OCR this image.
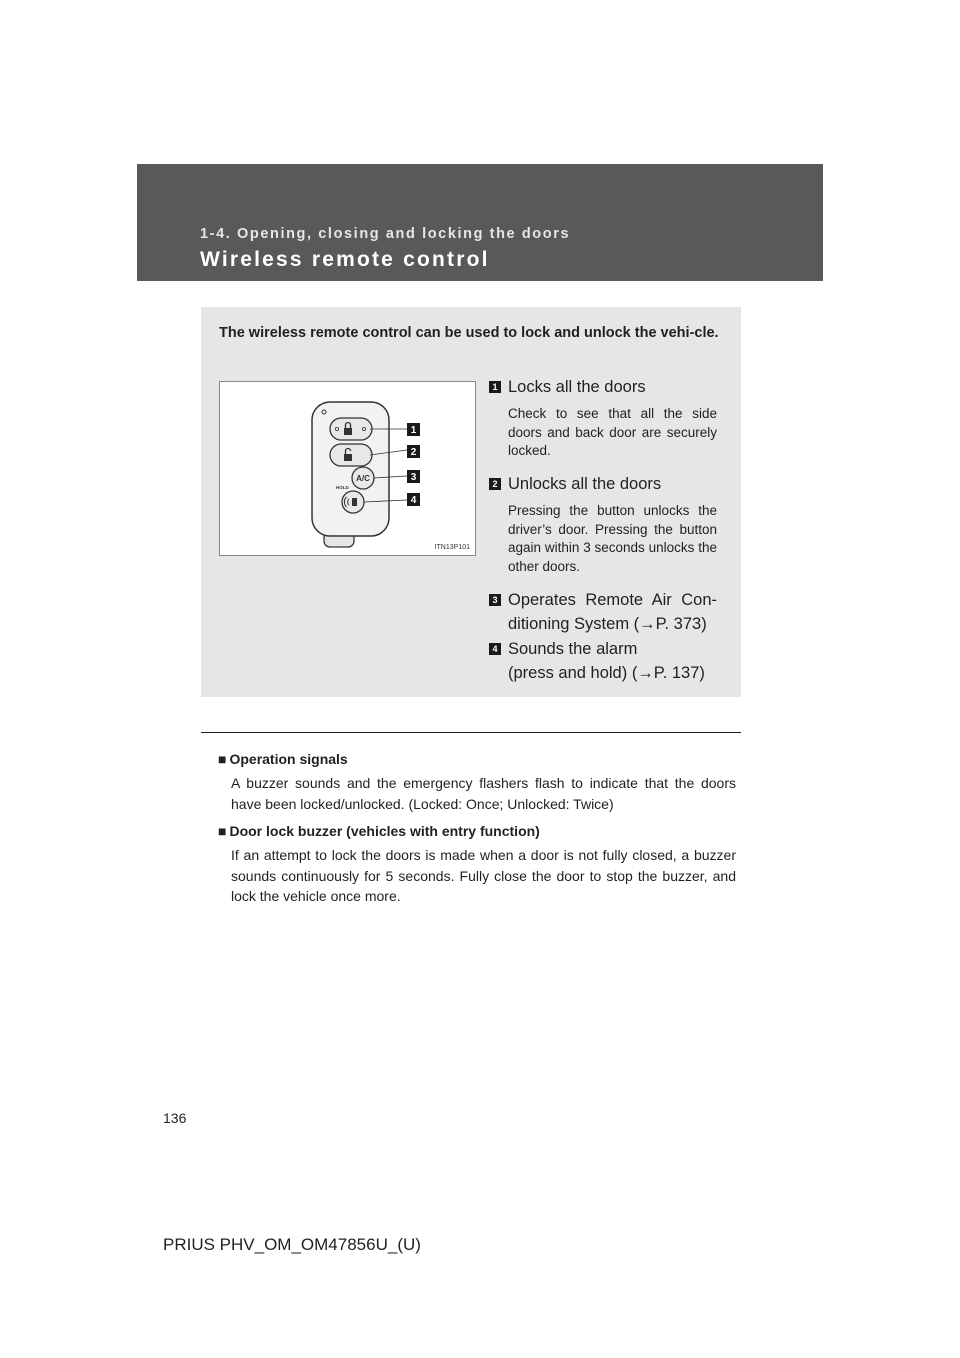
1-4. Opening, closing and locking the doors
Wireless remote control
The wireless remote control can be used to lock and unlock the vehi-cle.
A/C
HOLD
1
2
3
4
ITN13P101
1 Locks all the doors
Check to see that all the side doors and back door are securely locked.
2 Unlocks all the doors
Pressing the button unlocks the driver’s door. Pressing the button again within 3 seconds unlocks the other doors.
3 Operates Remote Air Con-ditioning System (→P. 373)
4 Sounds the alarm
(press and hold) (→P. 137)
■ Operation signals
A buzzer sounds and the emergency flashers flash to indicate that the doors have been locked/unlocked. (Locked: Once; Unlocked: Twice)
■ Door lock buzzer (vehicles with entry function)
If an attempt to lock the doors is made when a door is not fully closed, a buzzer sounds continuously for 5 seconds. Fully close the door to stop the buzzer, and lock the vehicle once more.
136
PRIUS PHV_OM_OM47856U_(U)
